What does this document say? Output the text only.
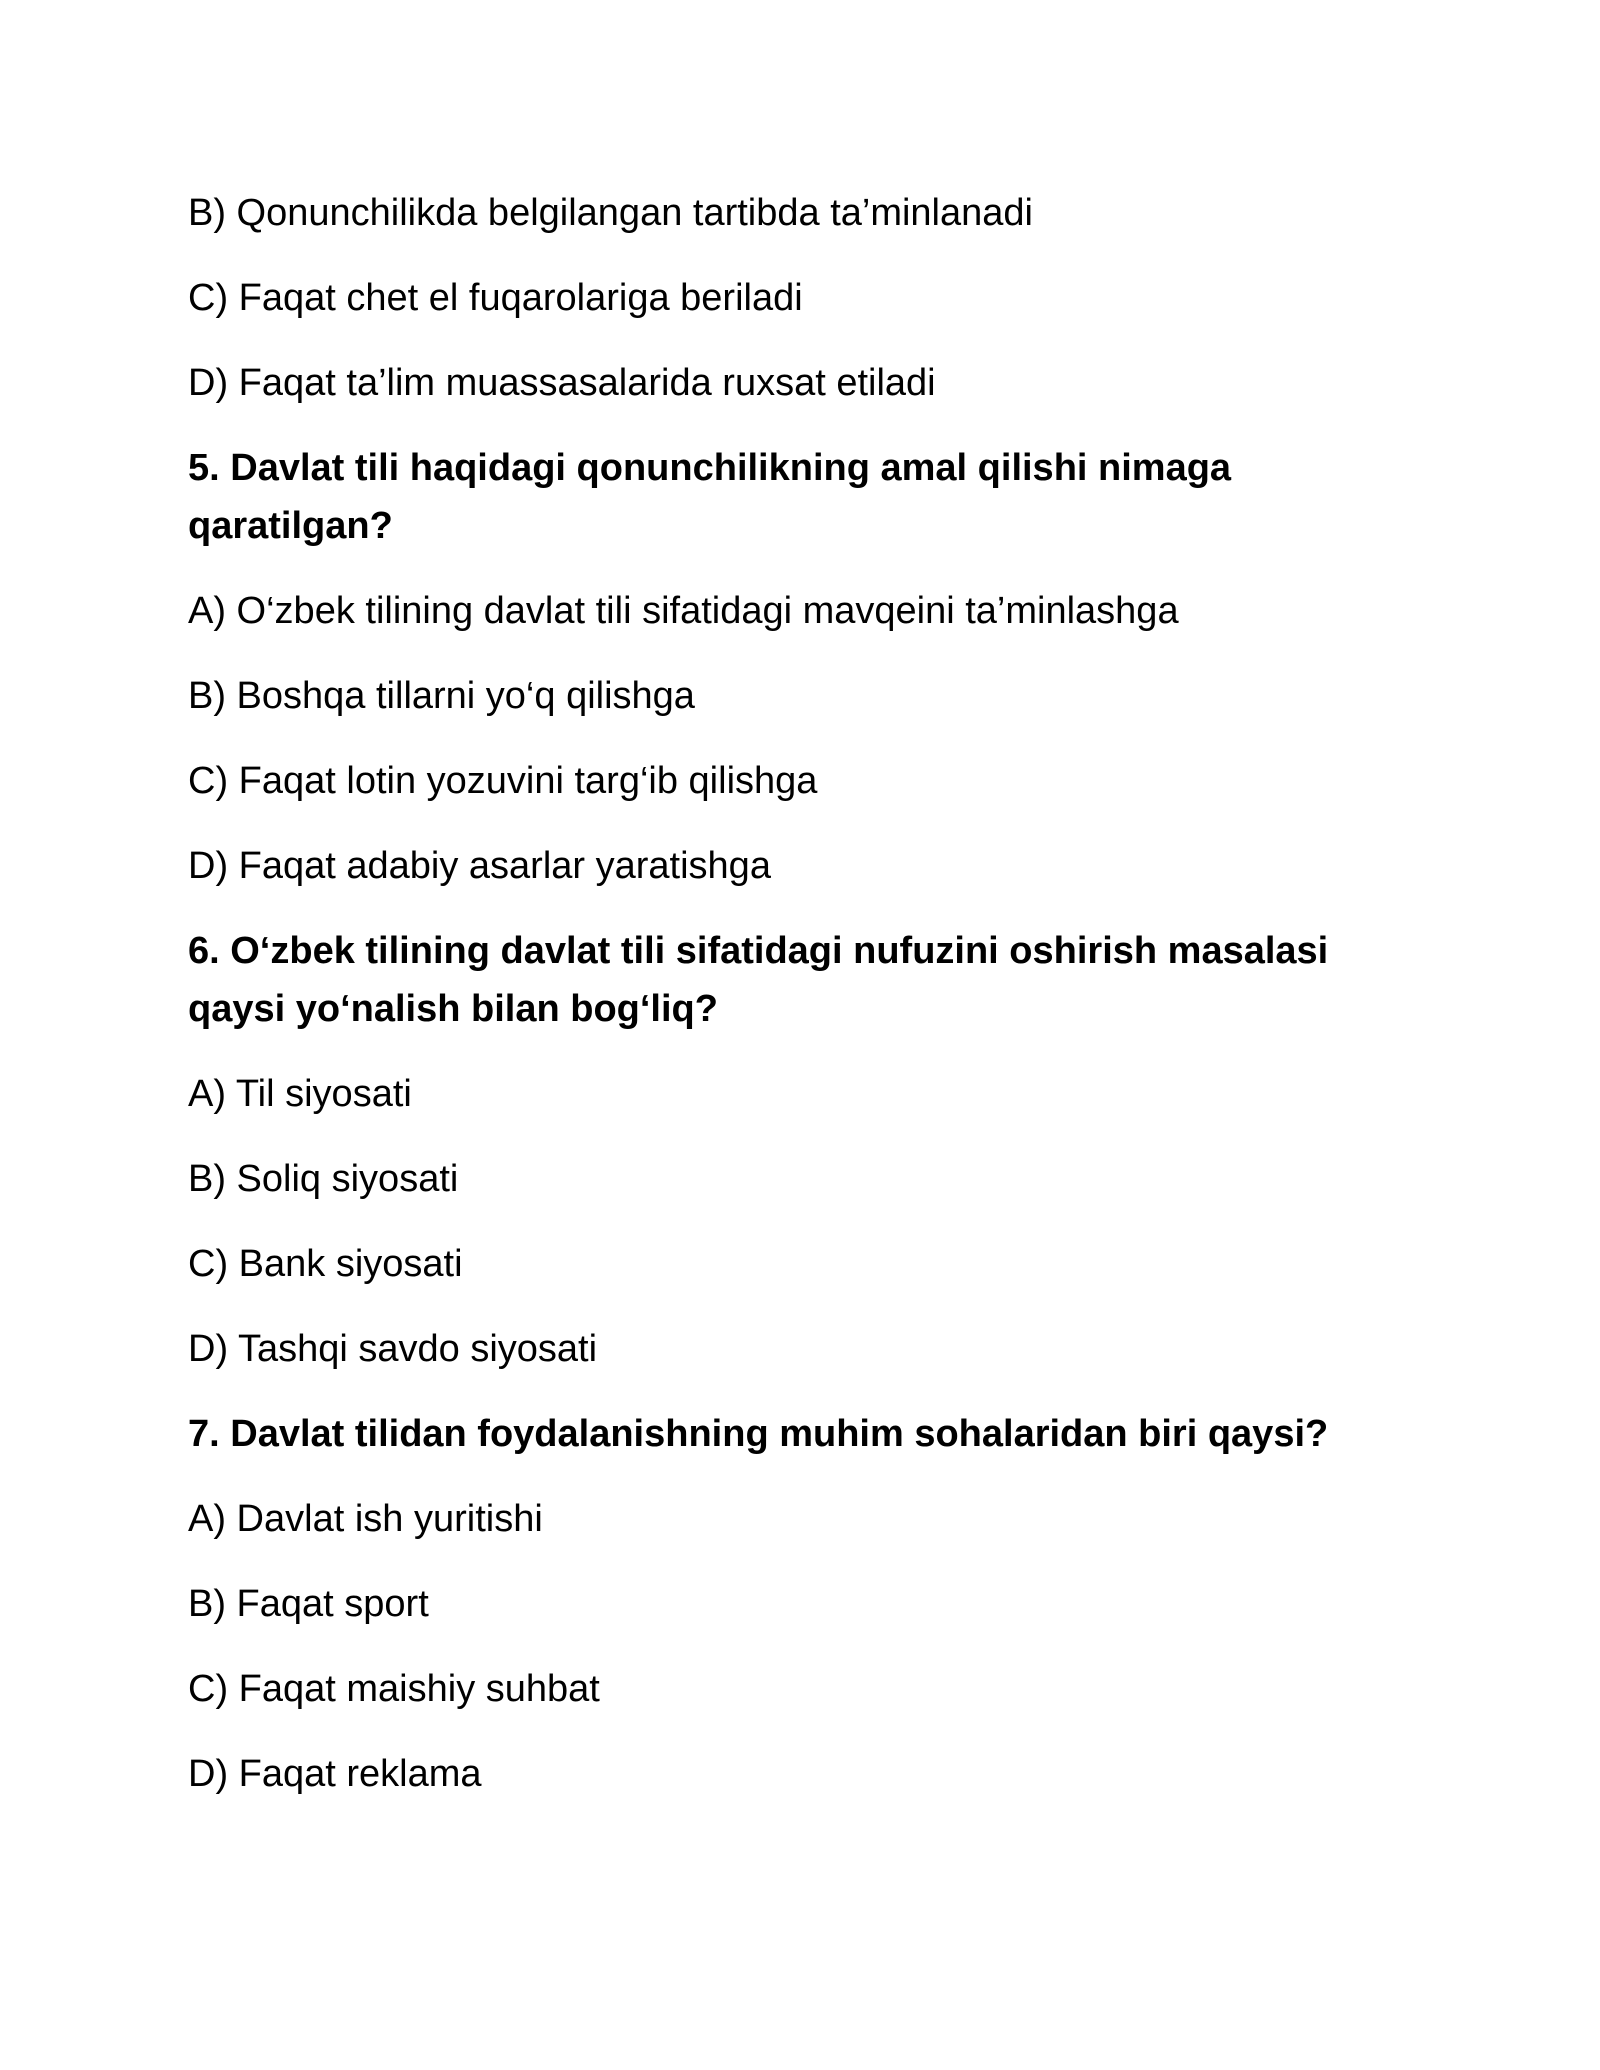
B) Qonunchilikda belgilangan tartibda ta’minlanadi

C) Faqat chet el fuqarolariga beriladi

D) Faqat ta’lim muassasalarida ruxsat etiladi

5. Davlat tili haqidagi qonunchilikning amal qilishi nimaga qaratilgan?

A) O‘zbek tilining davlat tili sifatidagi mavqeini ta’minlashga

B) Boshqa tillarni yo‘q qilishga

C) Faqat lotin yozuvini targ‘ib qilishga

D) Faqat adabiy asarlar yaratishga

6. O‘zbek tilining davlat tili sifatidagi nufuzini oshirish masalasi qaysi yo‘nalish bilan bog‘liq?

A) Til siyosati

B) Soliq siyosati

C) Bank siyosati

D) Tashqi savdo siyosati

7. Davlat tilidan foydalanishning muhim sohalaridan biri qaysi?

A) Davlat ish yuritishi

B) Faqat sport

C) Faqat maishiy suhbat

D) Faqat reklama
